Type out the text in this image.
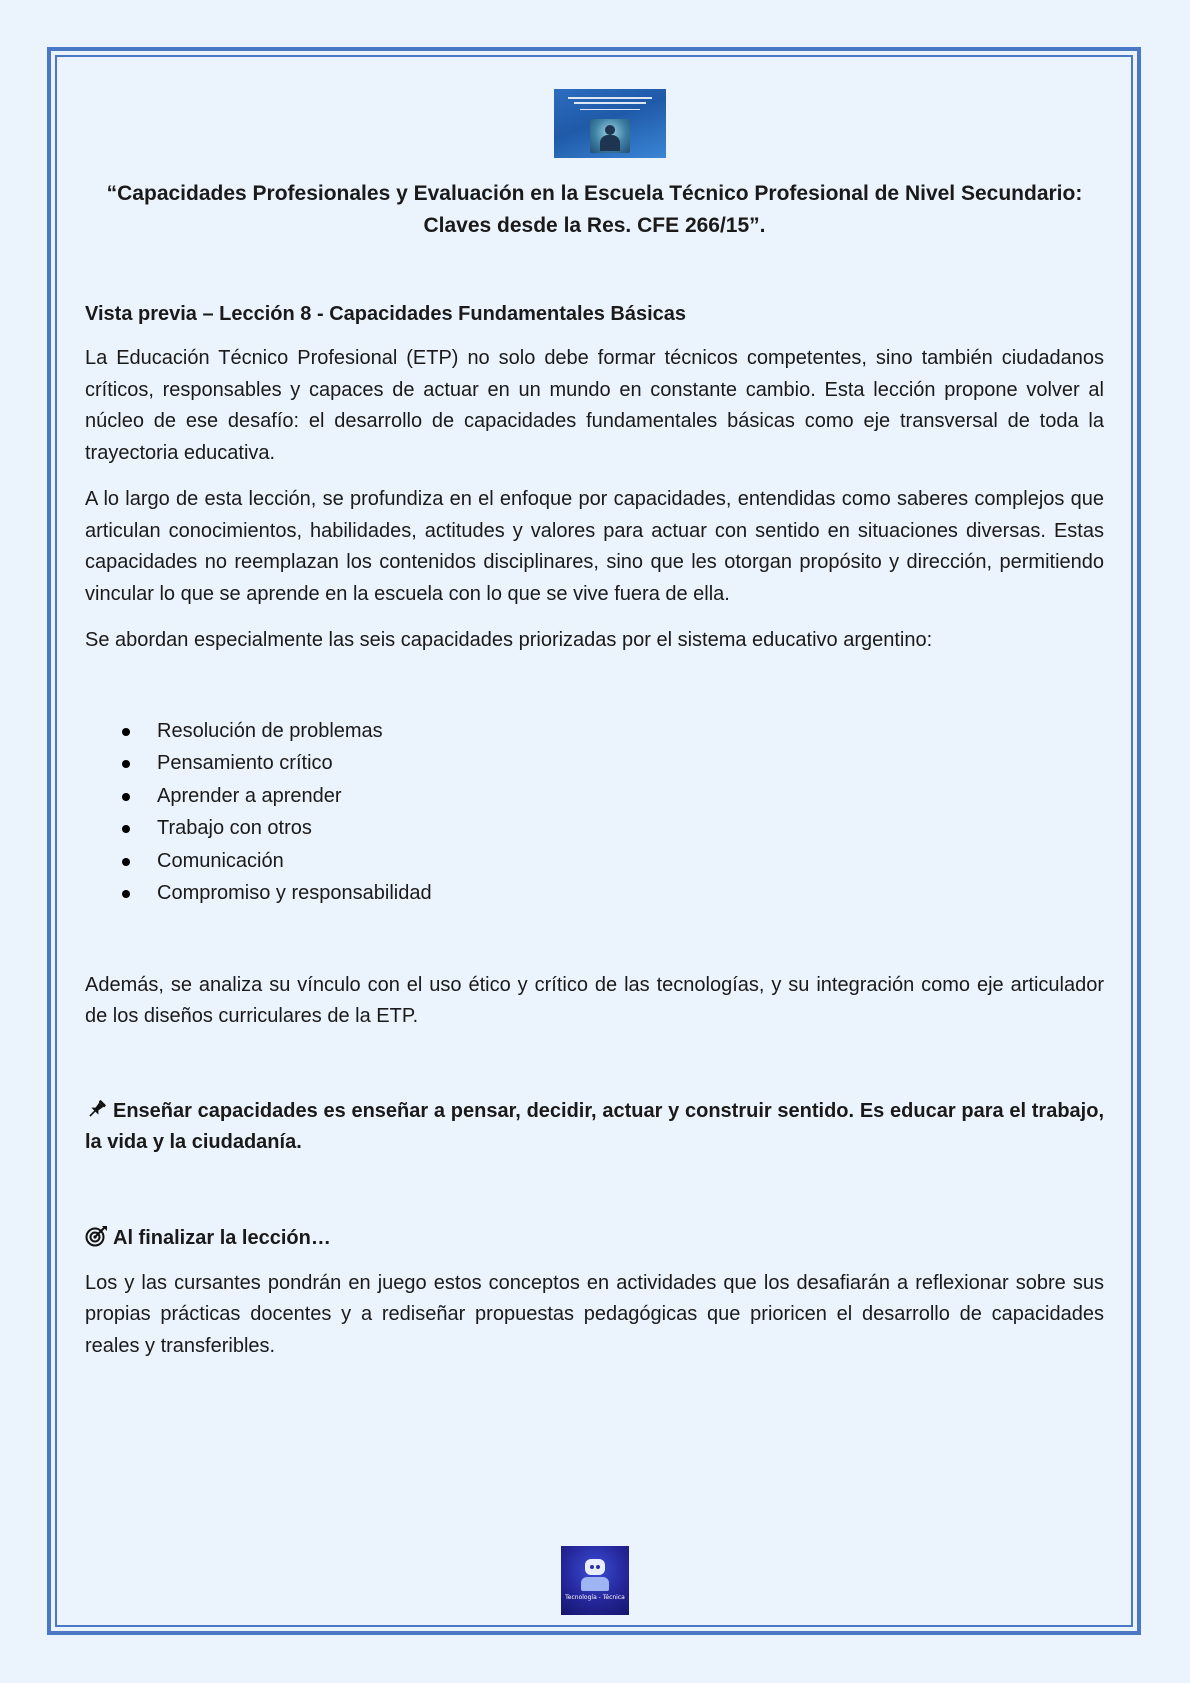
“Capacidades Profesionales y Evaluación en la Escuela Técnico Profesional de Nivel Secundario: Claves desde la Res. CFE 266/15”.
Vista previa – Lección 8 - Capacidades Fundamentales Básicas

La Educación Técnico Profesional (ETP) no solo debe formar técnicos competentes, sino también ciudadanos críticos, responsables y capaces de actuar en un mundo en constante cambio. Esta lección propone volver al núcleo de ese desafío: el desarrollo de capacidades fundamentales básicas como eje transversal de toda la trayectoria educativa.

A lo largo de esta lección, se profundiza en el enfoque por capacidades, entendidas como saberes complejos que articulan conocimientos, habilidades, actitudes y valores para actuar con sentido en situaciones diversas. Estas capacidades no reemplazan los contenidos disciplinares, sino que les otorgan propósito y dirección, permitiendo vincular lo que se aprende en la escuela con lo que se vive fuera de ella.

Se abordan especialmente las seis capacidades priorizadas por el sistema educativo argentino:

Resolución de problemas
Pensamiento crítico
Aprender a aprender
Trabajo con otros
Comunicación
Compromiso y responsabilidad

Además, se analiza su vínculo con el uso ético y crítico de las tecnologías, y su integración como eje articulador de los diseños curriculares de la ETP.

Enseñar capacidades es enseñar a pensar, decidir, actuar y construir sentido. Es educar para el trabajo, la vida y la ciudadanía.
Al finalizar la lección…

Los y las cursantes pondrán en juego estos conceptos en actividades que los desafiarán a reflexionar sobre sus propias prácticas docentes y a rediseñar propuestas pedagógicas que prioricen el desarrollo de capacidades reales y transferibles.

Tecnología - Técnica
